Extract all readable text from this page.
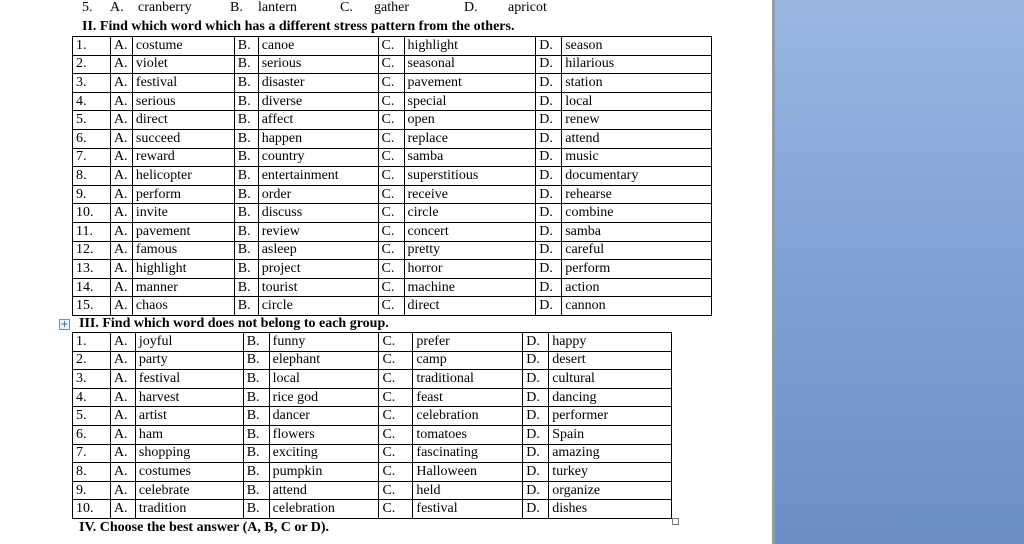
5. A. cranberry	B. lantern	C. gather	D. apricot
II. Find which word which has a different stress pattern from the others.
1.	A.	costume	B.	canoe	C.	highlight	D.	season
2.	A.	violet	B.	serious	C.	seasonal	D.	hilarious
3.	A.	festival	B.	disaster	C.	pavement	D.	station
4.	A.	serious	B.	diverse	C.	special	D.	local
5.	A.	direct	B.	affect	C.	open	D.	renew
6.	A.	succeed	B.	happen	C.	replace	D.	attend
7.	A.	reward	B.	country	C.	samba	D.	music
8.	A.	helicopter	B.	entertainment	C.	superstitious	D.	documentary
9.	A.	perform	B.	order	C.	receive	D.	rehearse
10.	A.	invite	B.	discuss	C.	circle	D.	combine
11.	A.	pavement	B.	review	C.	concert	D.	samba
12.	A.	famous	B.	asleep	C.	pretty	D.	careful
13.	A.	highlight	B.	project	C.	horror	D.	perform
14.	A.	manner	B.	tourist	C.	machine	D.	action
15.	A.	chaos	B.	circle	C.	direct	D.	cannon
+ III. Find which word does not belong to each group.
1.	A.	joyful	B.	funny	C.	prefer	D.	happy
2.	A.	party	B.	elephant	C.	camp	D.	desert
3.	A.	festival	B.	local	C.	traditional	D.	cultural
4.	A.	harvest	B.	rice god	C.	feast	D.	dancing
5.	A.	artist	B.	dancer	C.	celebration	D.	performer
6.	A.	ham	B.	flowers	C.	tomatoes	D.	Spain
7.	A.	shopping	B.	exciting	C.	fascinating	D.	amazing
8.	A.	costumes	B.	pumpkin	C.	Halloween	D.	turkey
9.	A.	celebrate	B.	attend	C.	held	D.	organize
10.	A.	tradition	B.	celebration	C.	festival	D.	dishes
IV. Choose the best answer (A, B, C or D).
